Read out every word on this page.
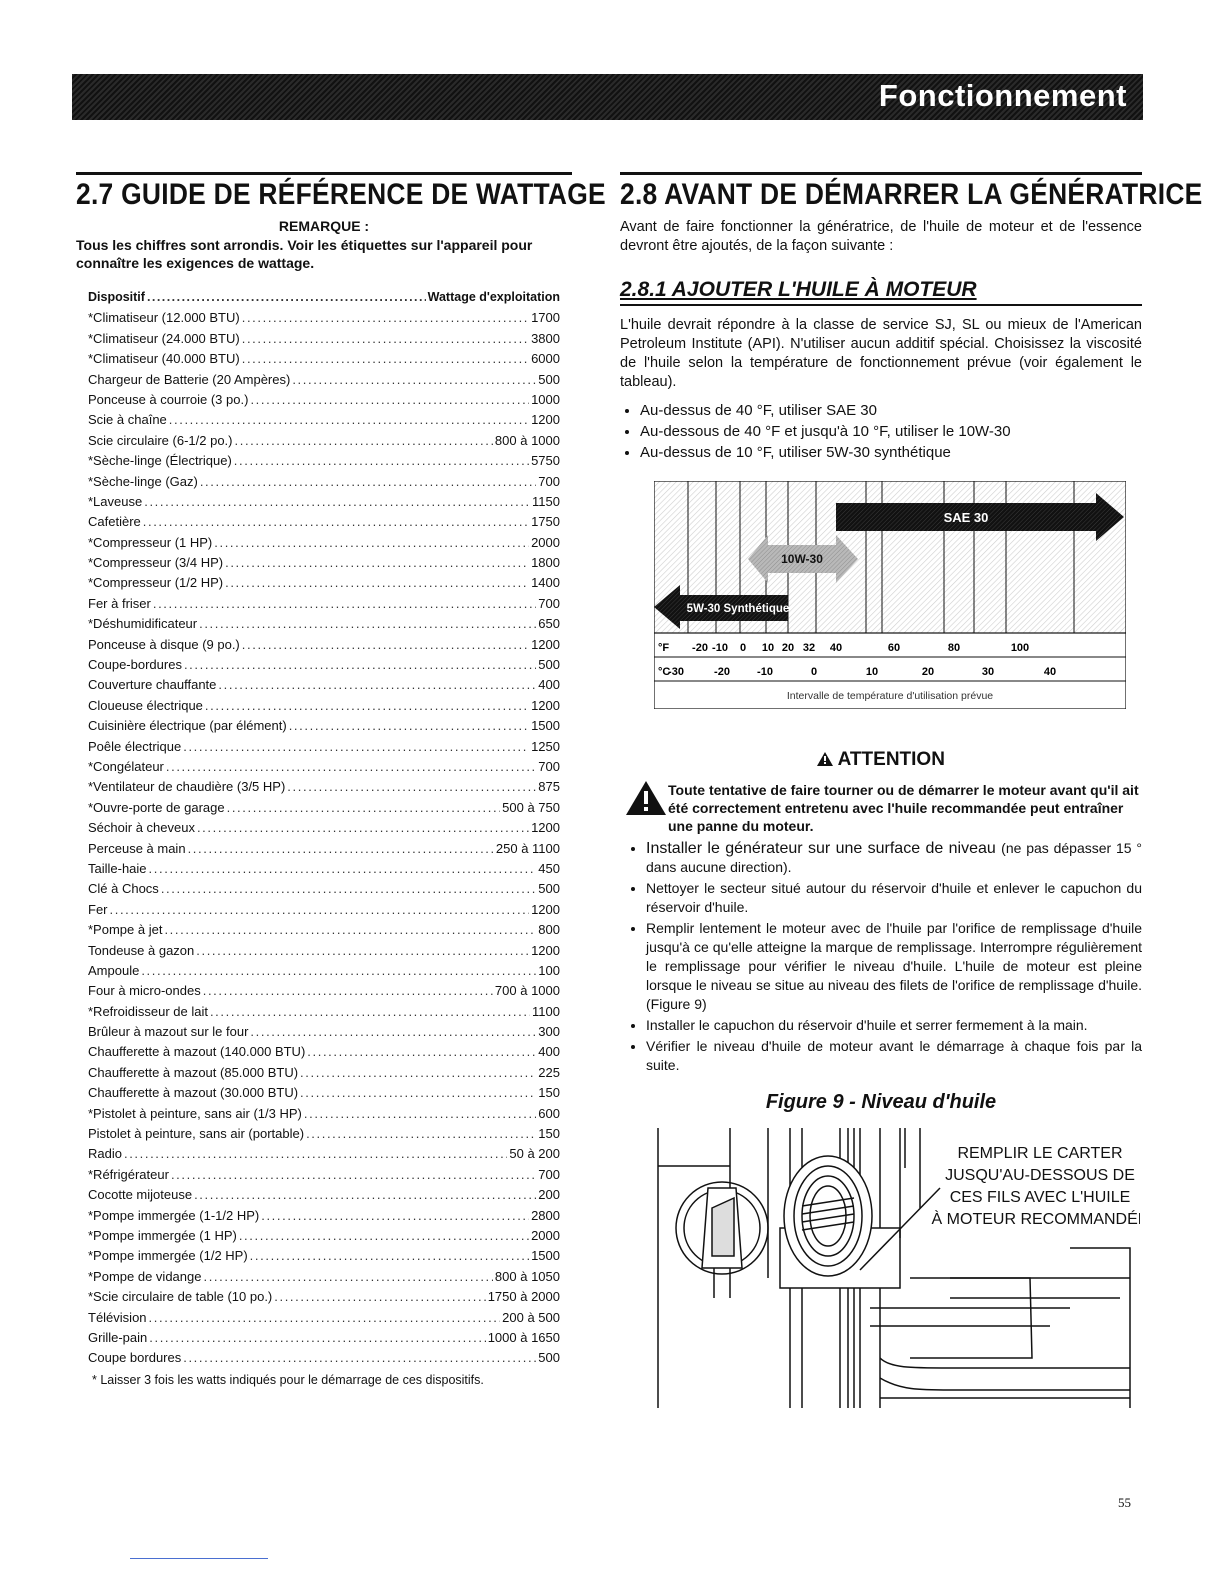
Fonctionnement
2.7 GUIDE DE RÉFÉRENCE DE WATTAGE
REMARQUE :
Tous les chiffres sont arrondis. Voir les étiquettes sur l'appareil pour connaître les exigences de wattage.
Dispositif . . .	Wattage d'exploitation
*Climatiseur (12.000 BTU) . . .	1700
*Climatiseur (24.000 BTU) . . .	3800
*Climatiseur (40.000 BTU) . . .	6000
Chargeur de Batterie (20 Ampères) . . .	500
Ponceuse à courroie (3 po.) . . .	1000
Scie à chaîne . . .	1200
Scie circulaire (6-1/2 po.) . . .	800 à 1000
*Sèche-linge (Électrique) . . .	5750
*Sèche-linge (Gaz) . . .	700
*Laveuse . . .	1150
Cafetière . . .	1750
*Compresseur (1 HP) . . .	2000
*Compresseur (3/4 HP) . . .	1800
*Compresseur (1/2 HP) . . .	1400
Fer à friser . . .	700
*Déshumidificateur . . .	650
Ponceuse à disque (9 po.) . . .	1200
Coupe-bordures . . .	500
Couverture chauffante . . .	400
Cloueuse électrique . . .	1200
Cuisinière électrique (par élément) . . .	1500
Poêle électrique . . .	1250
*Congélateur . . .	700
*Ventilateur de chaudière (3/5 HP) . . .	875
*Ouvre-porte de garage . . .	500 à 750
Séchoir à cheveux . . .	1200
Perceuse à main . . .	250 à 1100
Taille-haie . . .	450
Clé à Chocs . . .	500
Fer . . .	1200
*Pompe à jet . . .	800
Tondeuse à gazon . . .	1200
Ampoule . . .	100
Four à micro-ondes . . .	700 à 1000
*Refroidisseur de lait . . .	1100
Brûleur à mazout sur le four . . .	300
Chaufferette à mazout (140.000 BTU) . . .	400
Chaufferette à mazout (85.000 BTU) . . .	225
Chaufferette à mazout (30.000 BTU) . . .	150
*Pistolet à peinture, sans air (1/3 HP) . . .	600
Pistolet à peinture, sans air (portable) . . .	150
Radio . . .	50 à 200
*Réfrigérateur . . .	700
Cocotte mijoteuse . . .	200
*Pompe immergée (1-1/2 HP) . . .	2800
*Pompe immergée (1 HP) . . .	2000
*Pompe immergée (1/2 HP) . . .	1500
*Pompe de vidange . . .	800 à 1050
*Scie circulaire de table (10 po.) . . .	1750 à 2000
Télévision . . .	200 à 500
Grille-pain . . .	1000 à 1650
Coupe bordures . . .	500
* Laisser 3 fois les watts indiqués pour le démarrage de ces dispositifs.
2.8 AVANT DE DÉMARRER LA GÉNÉRATRICE
Avant de faire fonctionner la génératrice, de l'huile de moteur et de l'essence devront être ajoutés, de la façon suivante :
2.8.1 AJOUTER L'HUILE À MOTEUR
L'huile devrait répondre à la classe de service SJ, SL ou mieux de l'American Petroleum Institute (API). N'utiliser aucun additif spécial. Choisissez la viscosité de l'huile selon la température de fonctionnement prévue (voir également le tableau).
• Au-dessus de 40 °F, utiliser SAE 30
• Au-dessous de 40 °F et jusqu'à 10 °F, utiliser le 10W-30
• Au-dessus de 10 °F, utiliser 5W-30 synthétique
SAE 30
10W-30
5W-30 Synthétique
°F -20 -10 0 10 20 32 40	60	80	100
°C
-30	-20 -10	0	10	20	30	40
Intervalle de température d'utilisation prévue
ATTENTION
Toute tentative de faire tourner ou de démarrer le moteur avant qu'il ait été correctement entretenu avec l'huile recommandée peut entraîner une panne du moteur.
• Installer le générateur sur une surface de niveau (ne pas dépasser 15 ° dans aucune direction).
• Nettoyer le secteur situé autour du réservoir d'huile et enlever le capuchon du réservoir d'huile.
• Remplir lentement le moteur avec de l'huile par l'orifice de remplissage d'huile jusqu'à ce qu'elle atteigne la marque de remplissage. Interrompre régulièrement le remplissage pour vérifier le niveau d'huile. L'huile de moteur est pleine lorsque le niveau se situe au niveau des filets de l'orifice de remplissage d'huile. (Figure 9)
• Installer le capuchon du réservoir d'huile et serrer fermement à la main.
• Vérifier le niveau d'huile de moteur avant le démarrage à chaque fois par la suite.
Figure 9 - Niveau d'huile
REMPLIR LE CARTER
JUSQU'AU-DESSOUS DE
CES FILS AVEC L'HUILE
À MOTEUR RECOMMANDÉE
55
